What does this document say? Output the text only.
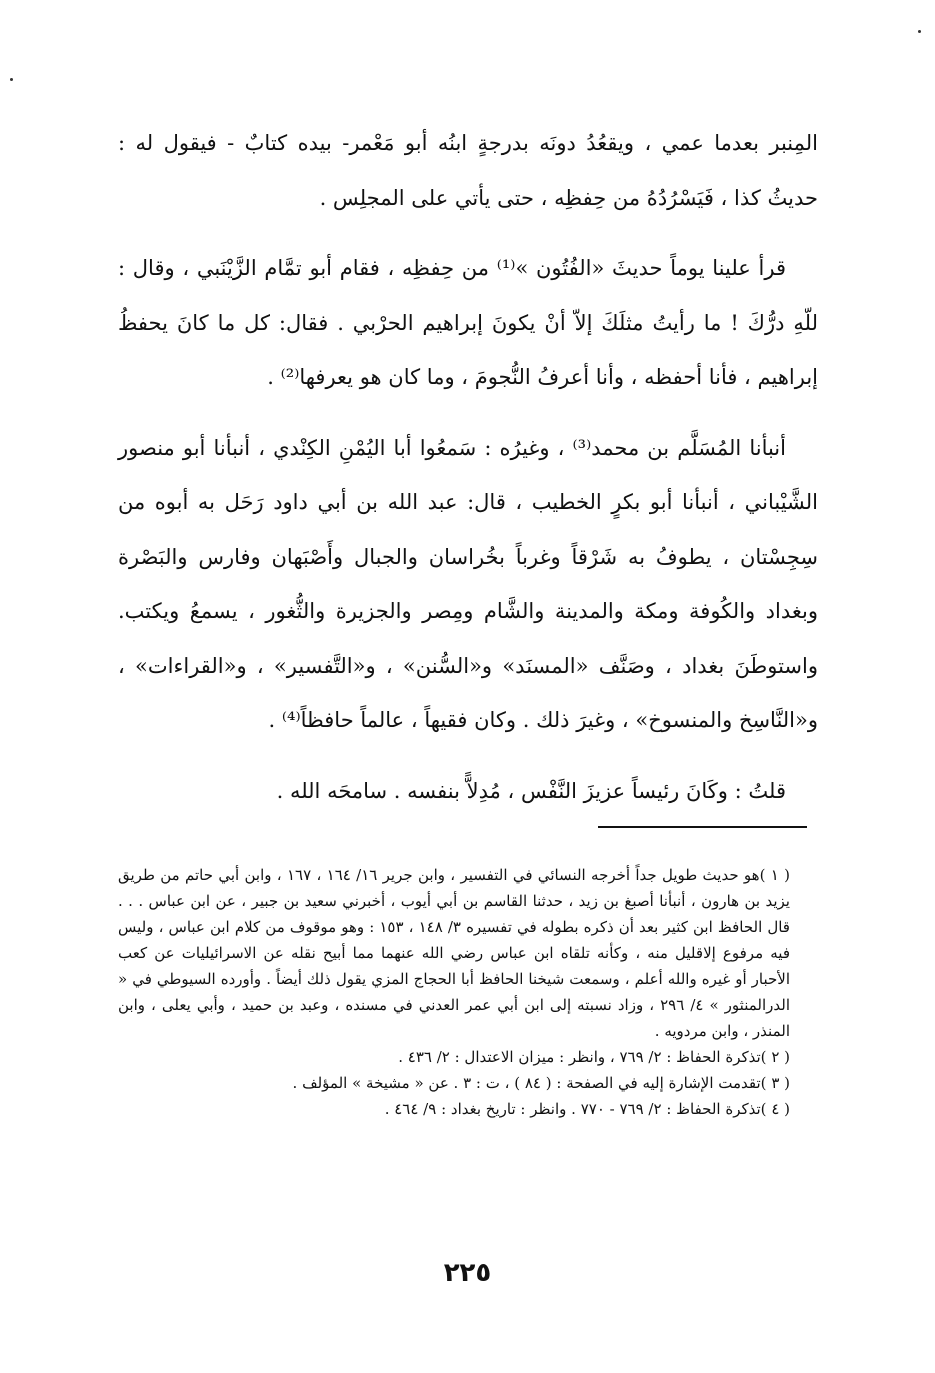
المِنبر بعدما عمي ، ويقعُدُ دونَه بدرجةٍ ابنُه أبو مَعْمر- بيده كتابٌ - فيقول له : حديثُ كذا ، فَيَسْرُدُهُ من حِفظِه ، حتى يأتي على المجلِس .

قرأ علينا يوماً حديثَ «الفُتُون »⁽¹⁾ من حِفظِه ، فقام أبو تمَّام الزَّيْنَبي ، وقال : للّهِ درُّكَ ! ما رأيتُ مثلَكَ إلاّ أنْ يكونَ إبراهيم الحرْبي . فقال: كل ما كانَ يحفظُ إبراهيم ، فأنا أحفظه ، وأنا أعرفُ النُّجومَ ، وما كان هو يعرفها⁽²⁾ .

أنبأنا المُسَلَّم بن محمد⁽³⁾ ، وغيرُه : سَمعُوا أبا اليُمْنِ الكِنْدي ، أنبأنا أبو منصور الشَّيْباني ، أنبأنا أبو بكرٍ الخطيب ، قال: عبد الله بن أبي داود رَحَل به أبوه من سِجِسْتان ، يطوفُ به شَرْقاً وغرباً بخُراسان والجبال وأَصْبَهان وفارس والبَصْرة وبغداد والكُوفة ومكة والمدينة والشَّام ومِصر والجزيرة والثُّغور ، يسمعُ ويكتب. واستوطَنَ بغداد ، وصَنَّف «المسنَد» و«السُّنن» ، و«التَّفسير» ، و«القراءات» ، و«النَّاسِخ والمنسوخ» ، وغيرَ ذلك . وكان فقيهاً ، عالماً حافظاً⁽⁴⁾ .

قلتُ : وكَانَ رئيساً عزيزَ النَّفْس ، مُدِلاًّ بنفسه . سامحَه الله .

( ١ )هو حديث طويل جداً أخرجه النسائي في التفسير ، وابن جرير ١٦/ ١٦٤ ، ١٦٧ ، وابن أبي حاتم من طريق يزيد بن هارون ، أنبأنا أصبغ بن زيد ، حدثنا القاسم بن أبي أيوب ، أخبرني سعيد بن جبير ، عن ابن عباس . . . قال الحافظ ابن كثير بعد أن ذكره بطوله في تفسيره ٣/ ١٤٨ ، ١٥٣ : وهو موقوف من كلام ابن عباس ، وليس فيه مرفوع إلاقليل منه ، وكأنه تلقاه ابن عباس رضي الله عنهما مما أبيح نقله عن الاسرائيليات عن كعب الأحبار أو غيره والله أعلم ، وسمعت شيخنا الحافظ أبا الحجاج المزي يقول ذلك أيضاً . وأورده السيوطي في « الدرالمنثور » ٤/ ٢٩٦ ، وزاد نسبته إلى ابن أبي عمر العدني في مسنده ، وعبد بن حميد ، وأبي يعلى ، وابن المنذر ، وابن مردويه .

( ٢ )تذكرة الحفاظ : ٢/ ٧٦٩ ، وانظر : ميزان الاعتدال : ٢/ ٤٣٦ .

( ٣ )تقدمت الإشارة إليه في الصفحة : ( ٨٤ ) ، ت : ٣ . عن « مشيخة » المؤلف .

( ٤ )تذكرة الحفاظ : ٢/ ٧٦٩ - ٧٧٠ . وانظر : تاريخ بغداد : ٩/ ٤٦٤ .

٢٢٥
